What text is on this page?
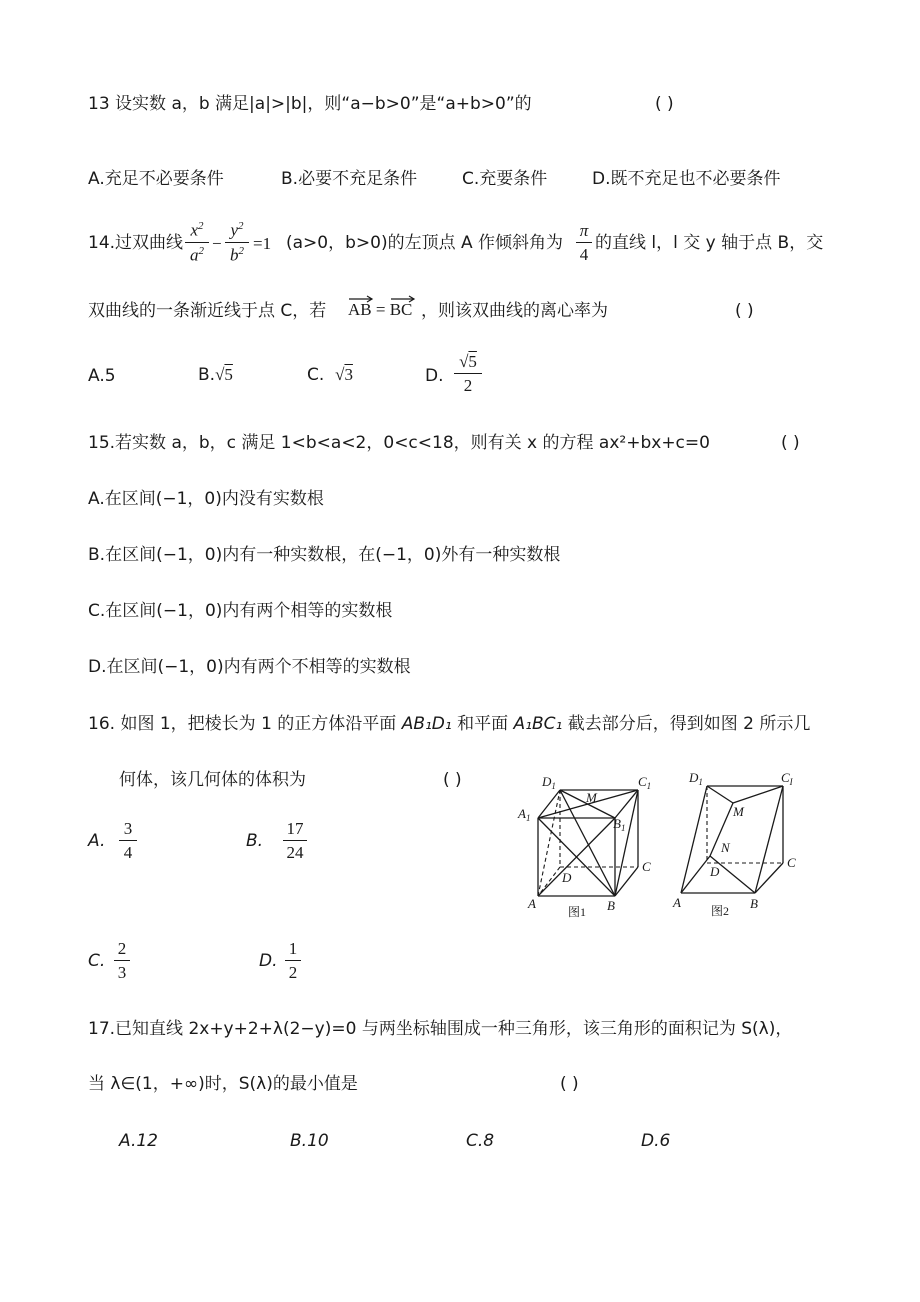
13 设实数 a，b 满足|a|>|b|，则“a−b>0”是“a+b>0”的	( )
A.充足不必要条件	B.必要不充足条件	C.充要条件	D.既不充足也不必要条件
14.过双曲线
$x^2$
$a^2$ −
$y^2$
$b^2 =1$ (a>0，b>0)的左顶点 A 作倾斜角为
π
4
的直线 l，l 交 y 轴于点 B，交
双曲线的一条渐近线于点 C，若 AB =
BC ，则该双曲线的离心率为	( )
A.5	B.√5	C. √3	D.
√5
2
15.若实数 a，b，c 满足 1<b<a<2，0<c<18，则有关 x 的方程 ax²+bx+c=0	( )
A.在区间(−1，0)内没有实数根
B.在区间(−1，0)内有一种实数根，在(−1，0)外有一种实数根
C.在区间(−1，0)内有两个相等的实数根
D.在区间(−1，0)内有两个不相等的实数根
16. 如图 1，把棱长为 1 的正方体沿平面 AB₁D₁ 和平面 A₁BC₁ 截去部分后，得到如图 2 所示几
何体，该几何体的体积为	( )
A.
3
4
B.
17
24
C.
2
3
D.
1
2
$D_1$	$C_1$
$A_1$	$B_1$
M
C
D
A	B
图1
$D_1$	$C_I$
M
N
C
D
A	B
图2
17.已知直线 2x+y+2+λ(2−y)=0 与两坐标轴围成一种三角形，该三角形的面积记为 S(λ)，
当 λ∈(1，+∞)时，S(λ)的最小值是	( )
A.12	B.10	C.8	D.6
